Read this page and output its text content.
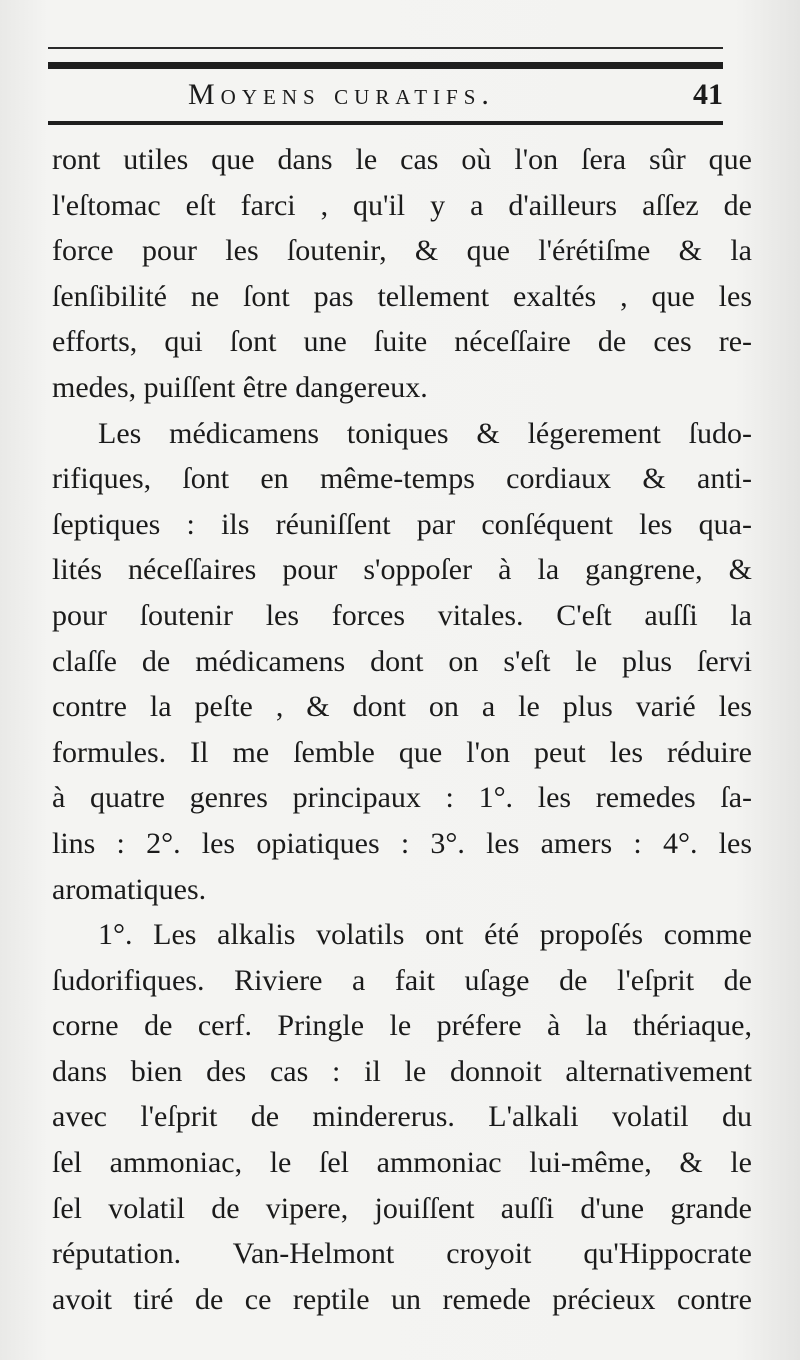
Moyens curatifs.	41
ront utiles que dans le cas où l'on ſera sûr que
l'eſtomac eſt farci , qu'il y a d'ailleurs aſſez de
force pour les ſoutenir, & que l'érétiſme & la
ſenſibilité ne ſont pas tellement exaltés , que les
efforts, qui ſont une ſuite néceſſaire de ces re-
medes, puiſſent être dangereux.
Les médicamens toniques & légerement ſudo-
rifiques, ſont en même-temps cordiaux & anti-
ſeptiques : ils réuniſſent par conſéquent les qua-
lités néceſſaires pour s'oppoſer à la gangrene, &
pour ſoutenir les forces vitales. C'eſt auſſi la
claſſe de médicamens dont on s'eſt le plus ſervi
contre la peſte , & dont on a le plus varié les
formules. Il me ſemble que l'on peut les réduire
à quatre genres principaux : 1°. les remedes ſa-
lins : 2°. les opiatiques : 3°. les amers : 4°. les
aromatiques.
1°. Les alkalis volatils ont été propoſés comme
ſudorifiques. Riviere a fait uſage de l'eſprit de
corne de cerf. Pringle le préfere à la thériaque,
dans bien des cas : il le donnoit alternativement
avec l'eſprit de mindererus. L'alkali volatil du
ſel ammoniac, le ſel ammoniac lui-même, & le
ſel volatil de vipere, jouiſſent auſſi d'une grande
réputation. Van-Helmont croyoit qu'Hippocrate
avoit tiré de ce reptile un remede précieux contre
